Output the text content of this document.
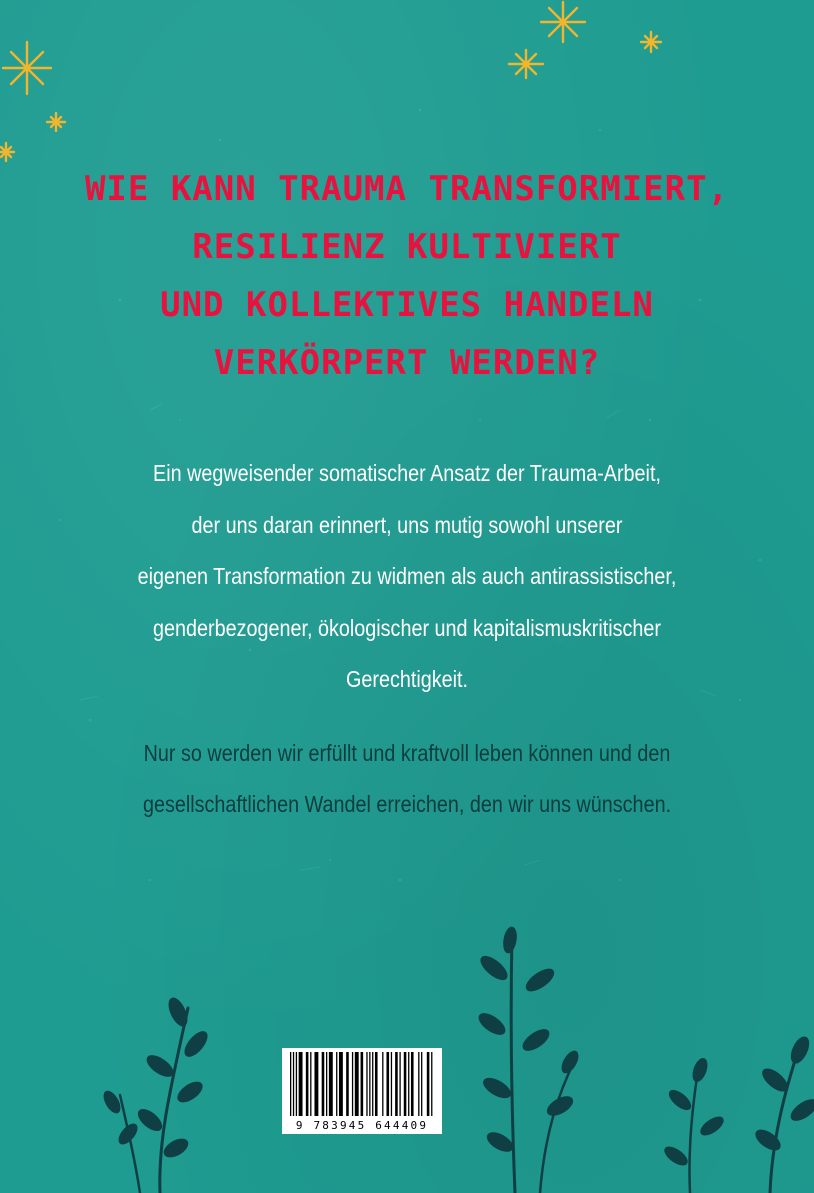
WIE KANN TRAUMA TRANSFORMIERT,
RESILIENZ KULTIVIERT
UND KOLLEKTIVES HANDELN
VERKÖRPERT WERDEN?
Ein wegweisender somatischer Ansatz der Trauma-Arbeit,
der uns daran erinnert, uns mutig sowohl unserer
eigenen Transformation zu widmen als auch antirassistischer,
genderbezogener, ökologischer und kapitalismuskritischer
Gerechtigkeit.
Nur so werden wir erfüllt und kraftvoll leben können und den
gesellschaftlichen Wandel erreichen, den wir uns wünschen.
9 783945 644409
